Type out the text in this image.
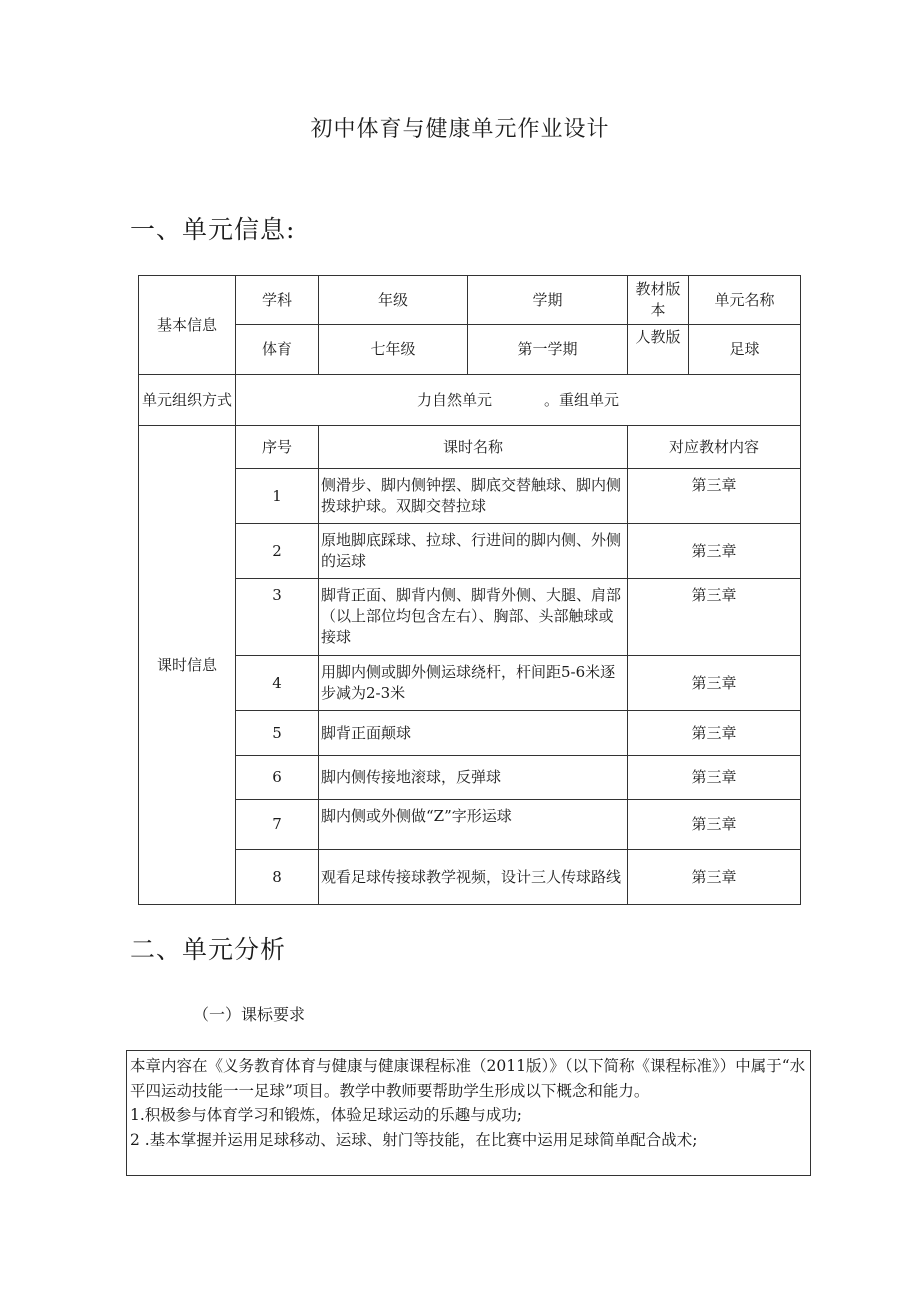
初中体育与健康单元作业设计
一、单元信息:
基本信息	学科	年级	学期	教材版本	单元名称
	体育	七年级	第一学期	人教版	足球
单元组织方式	力自然单元 。重组单元				
课时信息	序号	课时名称		对应教材内容	
	1	侧滑步、脚内侧钟摆、脚底交替触球、脚内侧拨球护球。双脚交替拉球		第三章	
	2	原地脚底踩球、拉球、行进间的脚内侧、外侧的运球		第三章	
	3	脚背正面、脚背内侧、脚背外侧、大腿、肩部（以上部位均包含左右）、胸部、头部触球或接球		第三章	
	4	用脚内侧或脚外侧运球绕杆，杆间距5-6米逐步减为2-3米		第三章	
	5	脚背正面颠球		第三章	
	6	脚内侧传接地滚球，反弹球		第三章	
	7	脚内侧或外侧做“Z”字形运球		第三章	
	8	观看足球传接球教学视频，设计三人传球路线		第三章	
二、单元分析
（一）课标要求

本章内容在《义务教育体育与健康与健康课程标准（2011版）》（以下简称《课程标准》）中属于“水平四运动技能一一足球”项目。教学中教师要帮助学生形成以下概念和能力。

1.积极参与体育学习和锻炼，体验足球运动的乐趣与成功;

2 .基本掌握并运用足球移动、运球、射门等技能，在比赛中运用足球简单配合战术;
